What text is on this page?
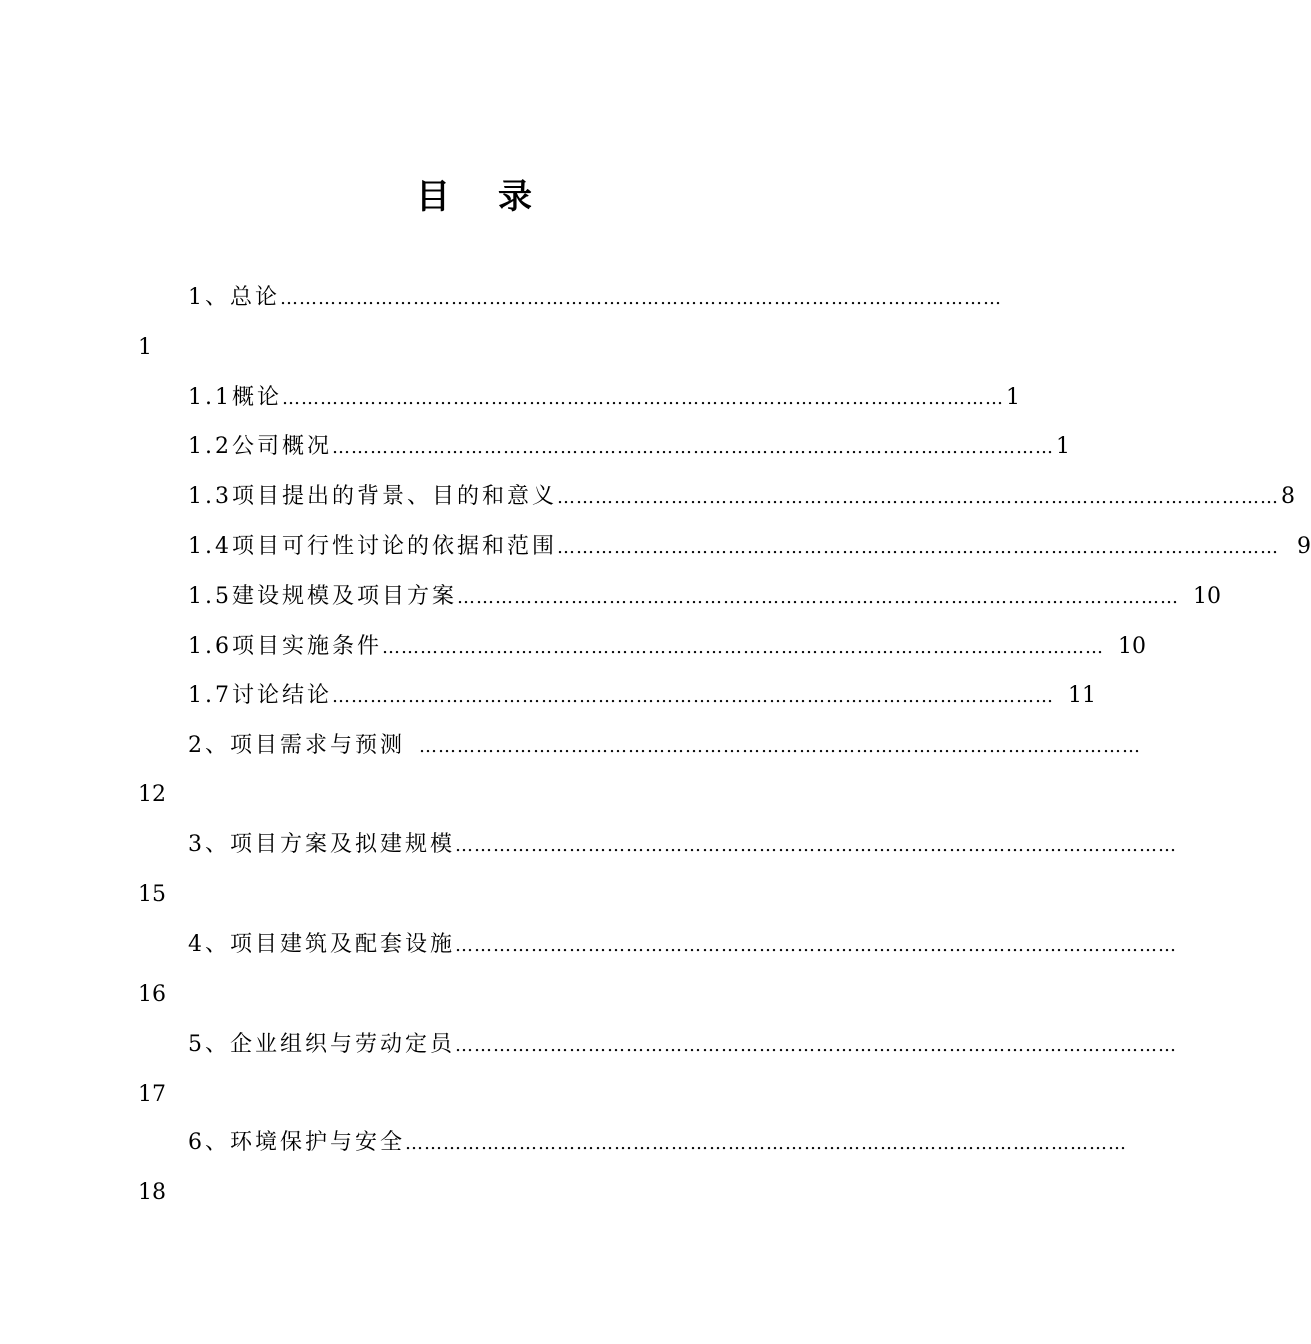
目 录
1、总论 ……………………………………………………………………………………………………
1
1.1概论 …………………………………………………………………………………………………… 1
1.2公司概况 …………………………………………………………………………………………………… 1
1.3项目提出的背景、目的和意义 …………………………………………………………………………………………………… 8
1.4项目可行性讨论的依据和范围 …………………………………………………………………………………………………… 9
1.5建设规模及项目方案 …………………………………………………………………………………………………… 10
1.6项目实施条件 …………………………………………………………………………………………………… 10
1.7讨论结论 …………………………………………………………………………………………………… 11
2、项目需求与预测 ……………………………………………………………………………………………………
12
3、项目方案及拟建规模 ……………………………………………………………………………………………………
15
4、项目建筑及配套设施 ……………………………………………………………………………………………………
16
5、企业组织与劳动定员 ……………………………………………………………………………………………………
17
6、环境保护与安全 ……………………………………………………………………………………………………
18
